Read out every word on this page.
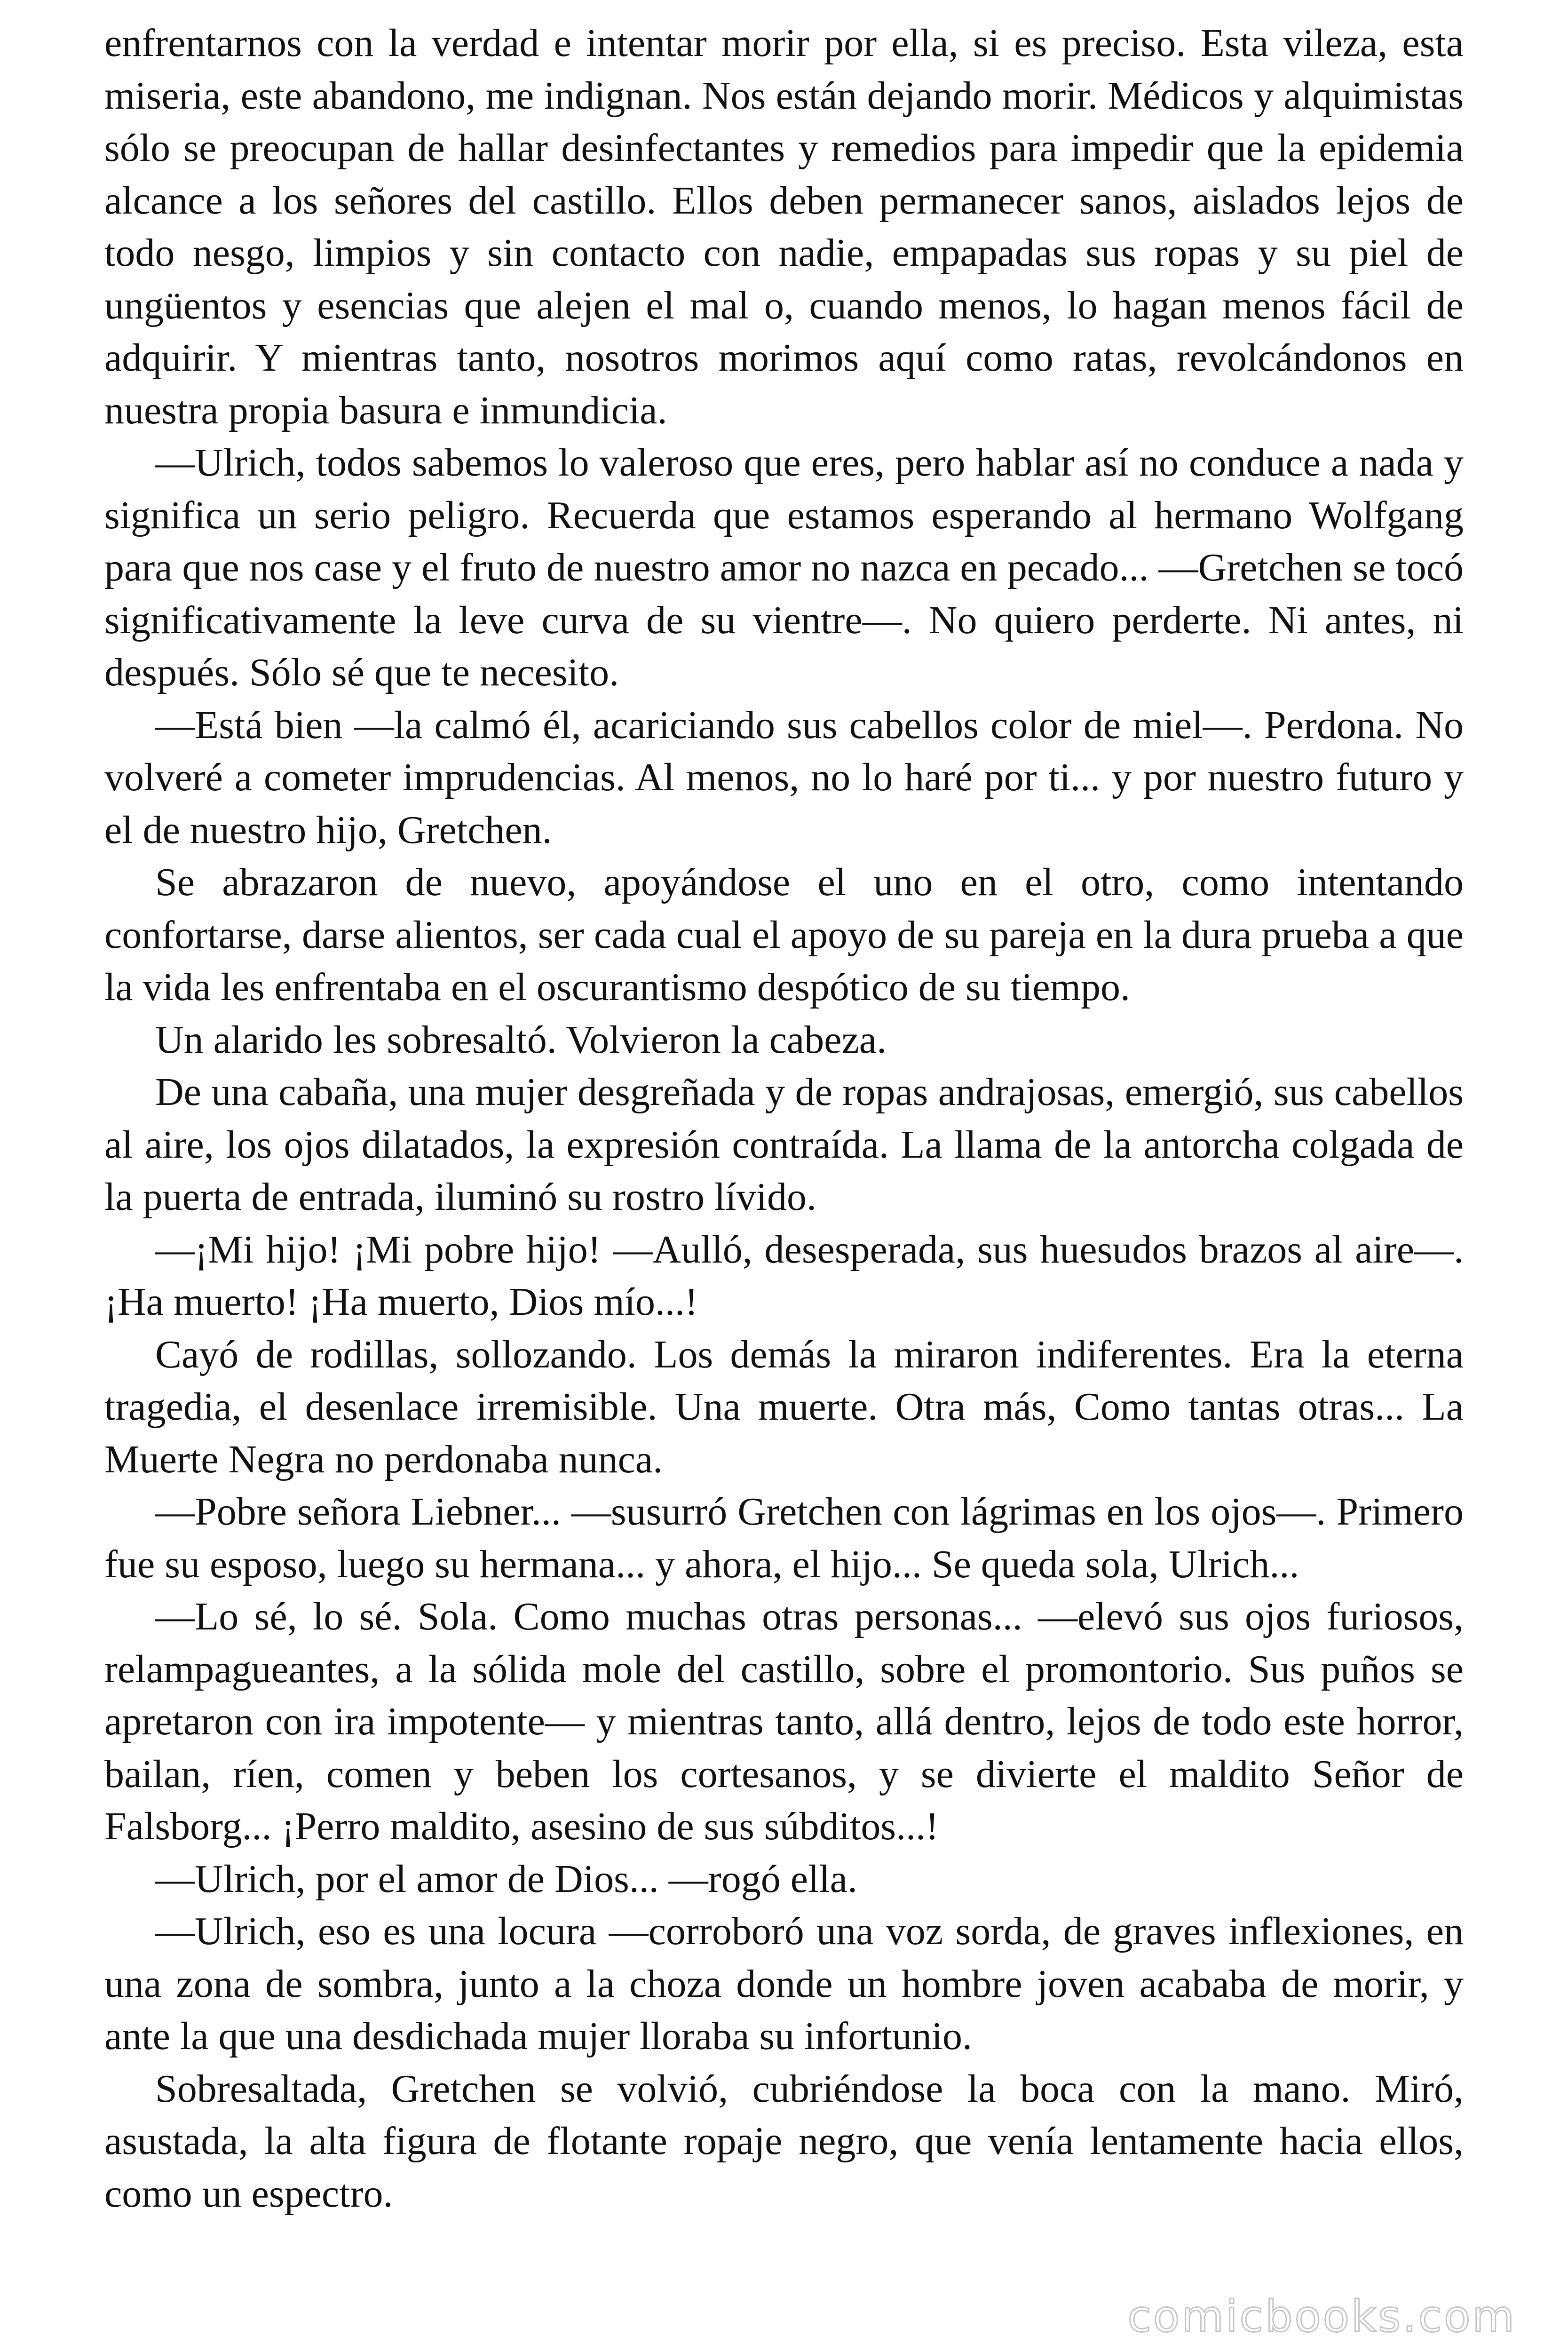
enfrentarnos con la verdad e intentar morir por ella, si es preciso. Esta vileza, esta miseria, este abandono, me indignan. Nos están dejando morir. Médicos y alquimistas sólo se preocupan de hallar desinfectantes y remedios para impedir que la epidemia alcance a los señores del castillo. Ellos deben permanecer sanos, aislados lejos de todo nesgo, limpios y sin contacto con nadie, empapadas sus ropas y su piel de ungüentos y esencias que alejen el mal o, cuando menos, lo hagan menos fácil de adquirir. Y mientras tanto, nosotros morimos aquí como ratas, revolcándonos en nuestra propia basura e inmundicia.

—Ulrich, todos sabemos lo valeroso que eres, pero hablar así no conduce a nada y significa un serio peligro. Recuerda que estamos esperando al hermano Wolfgang para que nos case y el fruto de nuestro amor no nazca en pecado... —Gretchen se tocó significativamente la leve curva de su vientre—. No quiero perderte. Ni antes, ni después. Sólo sé que te necesito.

—Está bien —la calmó él, acariciando sus cabellos color de miel—. Perdona. No volveré a cometer imprudencias. Al menos, no lo haré por ti... y por nuestro futuro y el de nuestro hijo, Gretchen.

Se abrazaron de nuevo, apoyándose el uno en el otro, como intentando confortarse, darse alientos, ser cada cual el apoyo de su pareja en la dura prueba a que la vida les enfrentaba en el oscurantismo despótico de su tiempo.

Un alarido les sobresaltó. Volvieron la cabeza.

De una cabaña, una mujer desgreñada y de ropas andrajosas, emergió, sus cabellos al aire, los ojos dilatados, la expresión contraída. La llama de la antorcha colgada de la puerta de entrada, iluminó su rostro lívido.

—¡Mi hijo! ¡Mi pobre hijo! —Aulló, desesperada, sus huesudos brazos al aire—. ¡Ha muerto! ¡Ha muerto, Dios mío...!

Cayó de rodillas, sollozando. Los demás la miraron indiferentes. Era la eterna tragedia, el desenlace irremisible. Una muerte. Otra más, Como tantas otras... La Muerte Negra no perdonaba nunca.

—Pobre señora Liebner... —susurró Gretchen con lágrimas en los ojos—. Primero fue su esposo, luego su hermana... y ahora, el hijo... Se queda sola, Ulrich...

—Lo sé, lo sé. Sola. Como muchas otras personas... —elevó sus ojos furiosos, relampagueantes, a la sólida mole del castillo, sobre el promontorio. Sus puños se apretaron con ira impotente— y mientras tanto, allá dentro, lejos de todo este horror, bailan, ríen, comen y beben los cortesanos, y se divierte el maldito Señor de Falsborg... ¡Perro maldito, asesino de sus súbditos...!

—Ulrich, por el amor de Dios... —rogó ella.

—Ulrich, eso es una locura —corroboró una voz sorda, de graves inflexiones, en una zona de sombra, junto a la choza donde un hombre joven acababa de morir, y ante la que una desdichada mujer lloraba su infortunio.

Sobresaltada, Gretchen se volvió, cubriéndose la boca con la mano. Miró, asustada, la alta figura de flotante ropaje negro, que venía lentamente hacia ellos, como un espectro.

comicbooks.com
